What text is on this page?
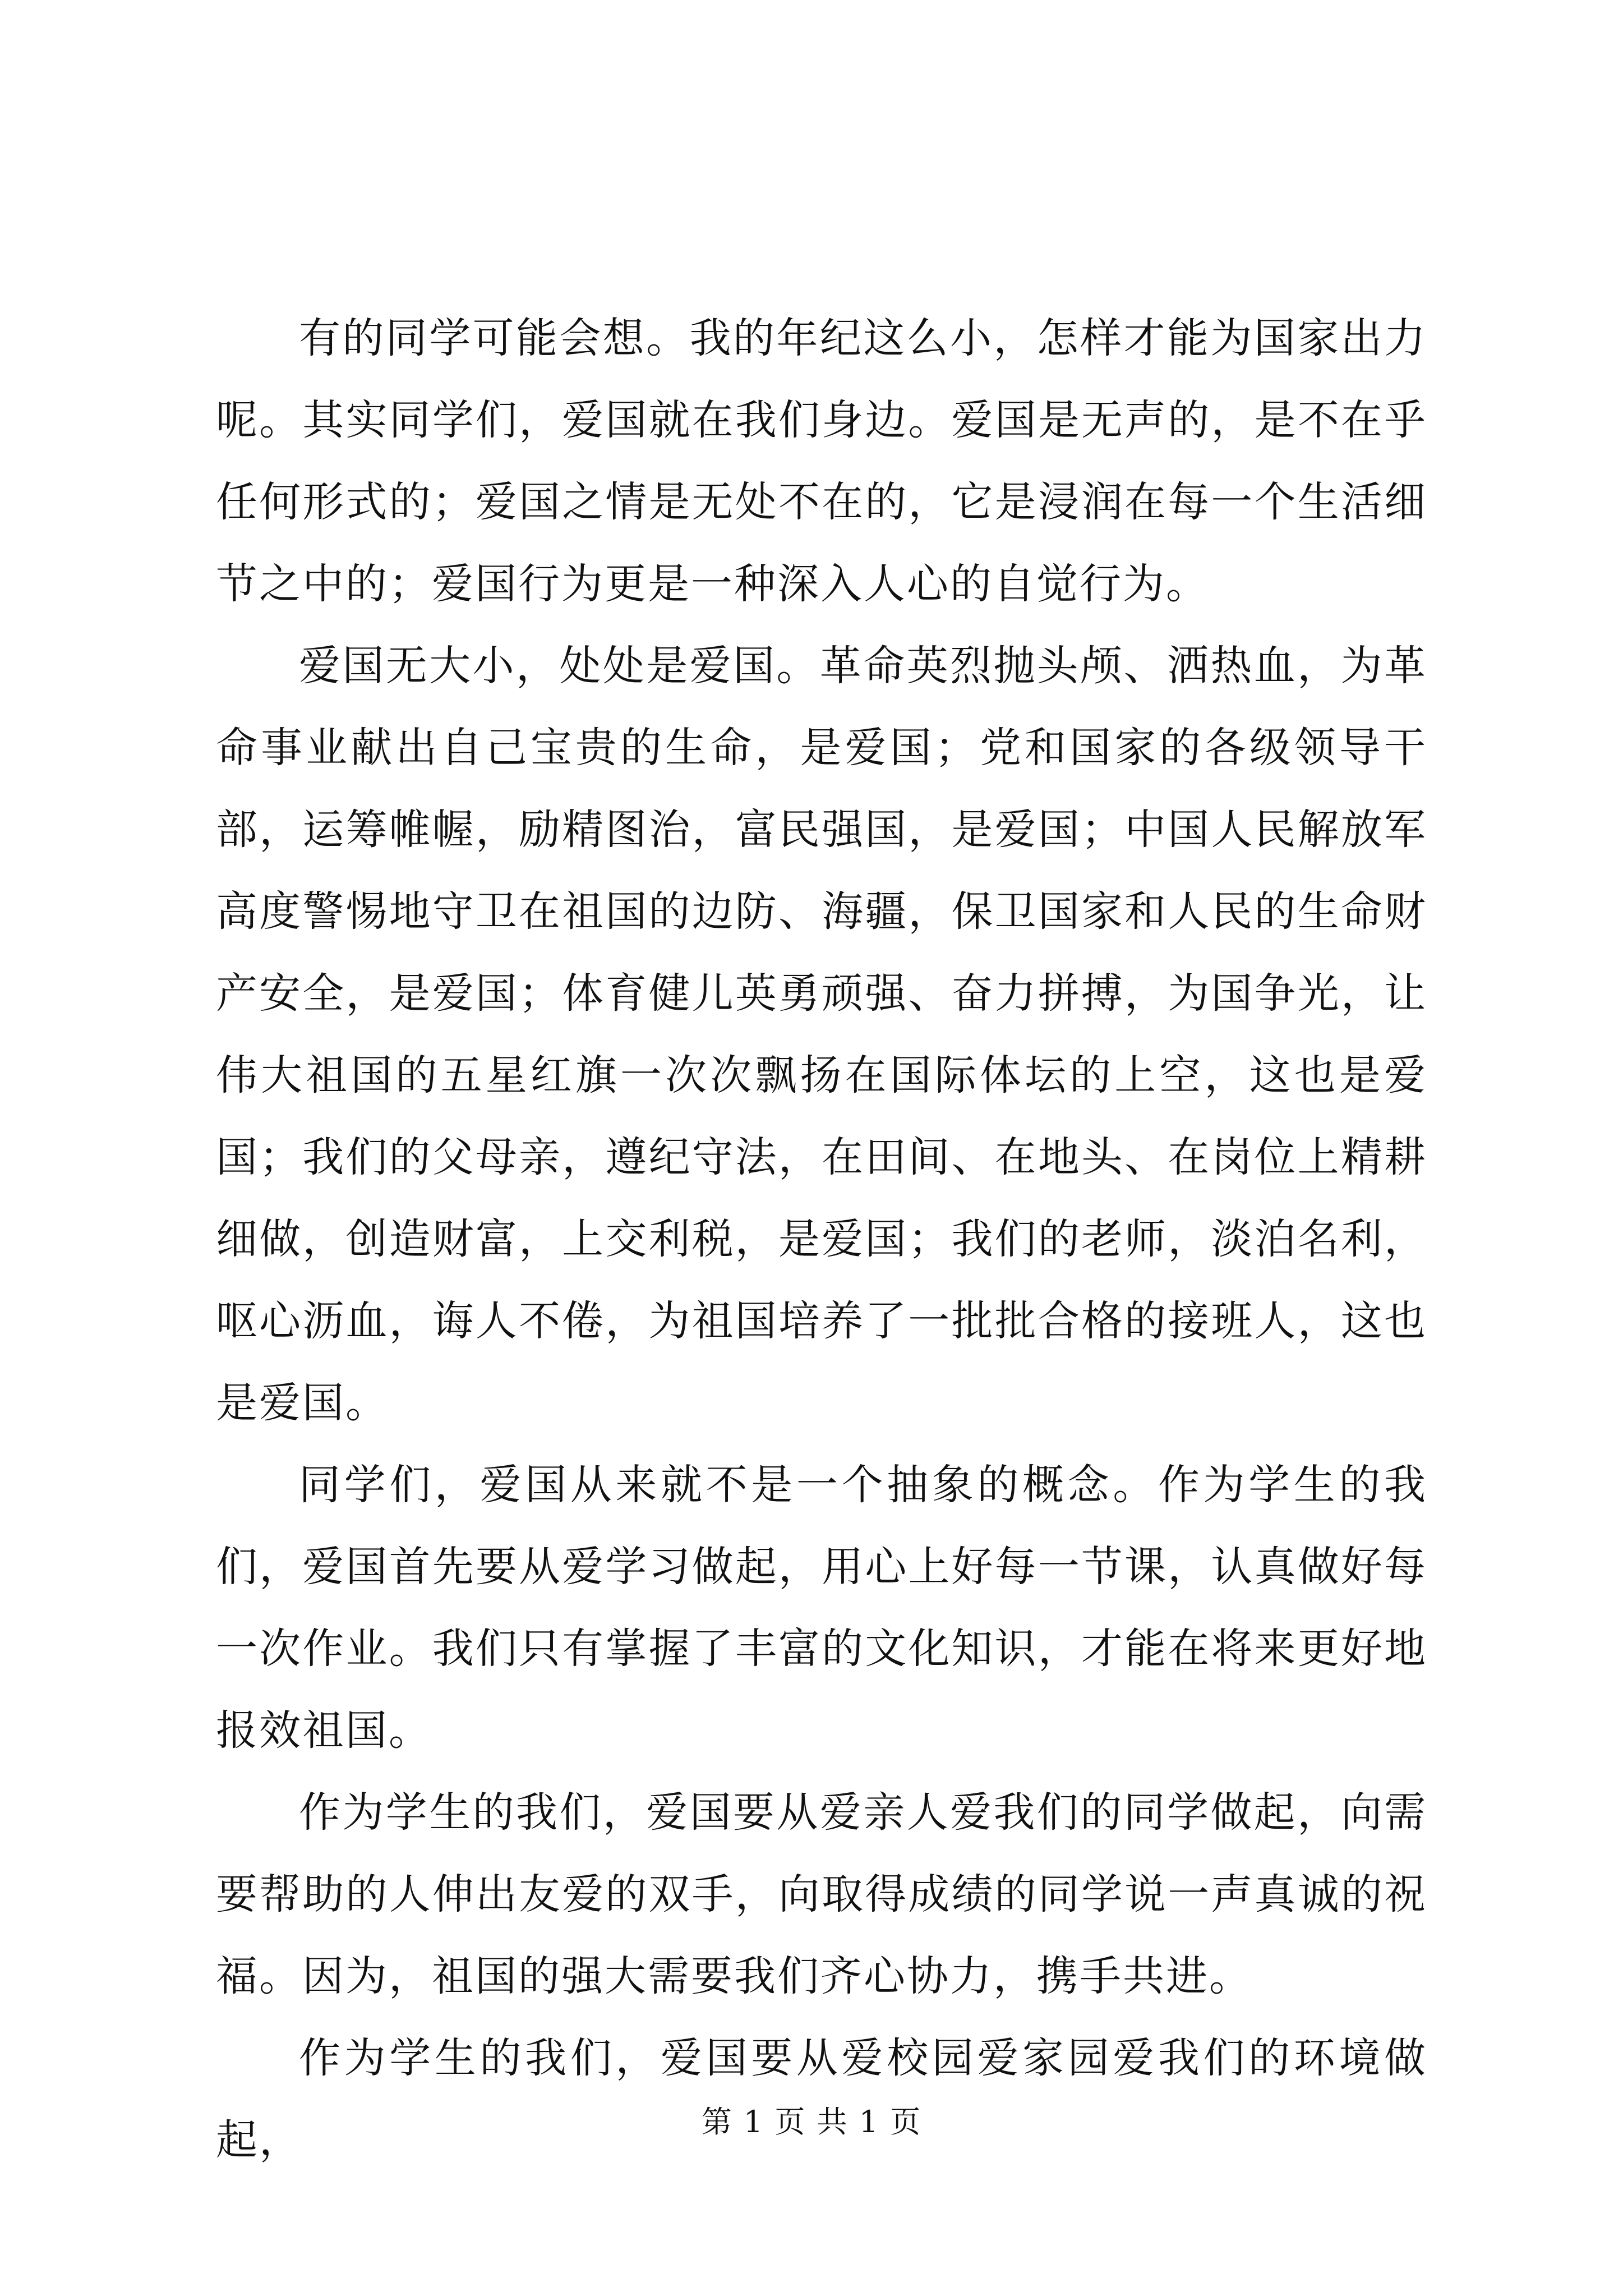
有的同学可能会想。我的年纪这么小，怎样才能为国家出力呢。其实同学们，爱国就在我们身边。爱国是无声的，是不在乎任何形式的；爱国之情是无处不在的，它是浸润在每一个生活细节之中的；爱国行为更是一种深入人心的自觉行为。

爱国无大小，处处是爱国。革命英烈抛头颅、洒热血，为革命事业献出自己宝贵的生命，是爱国；党和国家的各级领导干部，运筹帷幄，励精图治，富民强国，是爱国；中国人民解放军高度警惕地守卫在祖国的边防、海疆，保卫国家和人民的生命财产安全，是爱国；体育健儿英勇顽强、奋力拼搏，为国争光，让伟大祖国的五星红旗一次次飘扬在国际体坛的上空，这也是爱国；我们的父母亲，遵纪守法，在田间、在地头、在岗位上精耕细做，创造财富，上交利税，是爱国；我们的老师，淡泊名利，呕心沥血，诲人不倦，为祖国培养了一批批合格的接班人，这也是爱国。

同学们，爱国从来就不是一个抽象的概念。作为学生的我们，爱国首先要从爱学习做起，用心上好每一节课，认真做好每一次作业。我们只有掌握了丰富的文化知识，才能在将来更好地报效祖国。

作为学生的我们，爱国要从爱亲人爱我们的同学做起，向需要帮助的人伸出友爱的双手，向取得成绩的同学说一声真诚的祝福。因为，祖国的强大需要我们齐心协力，携手共进。

作为学生的我们，爱国要从爱校园爱家园爱我们的环境做起，	第 1 页 共 1 页
